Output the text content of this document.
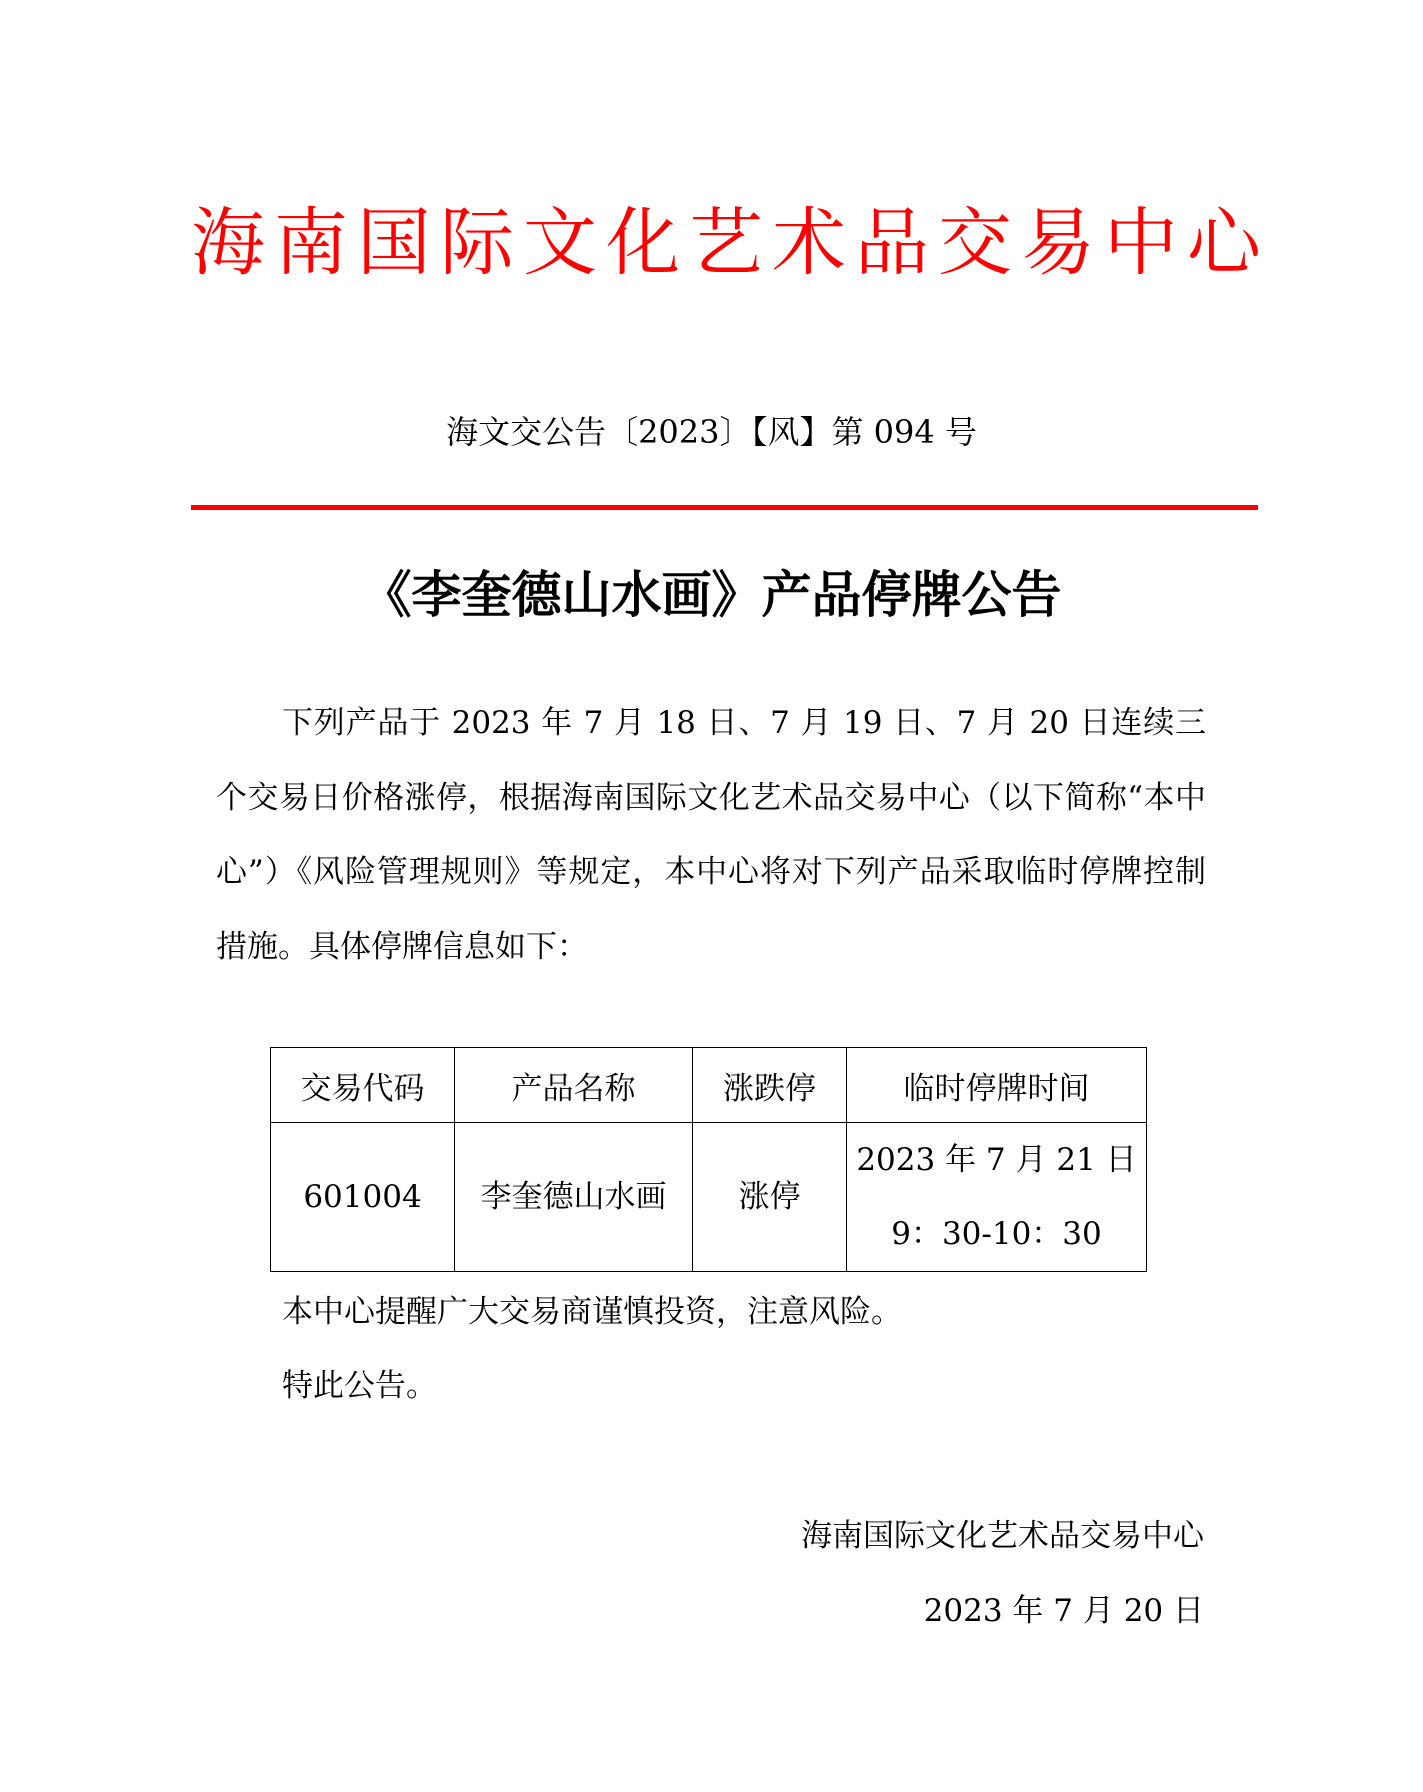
海南国际文化艺术品交易中心
海文交公告〔2023〕【风】第 094 号
《李奎德山水画》产品停牌公告

下列产品于 2023 年 7 月 18 日、7 月 19 日、7 月 20 日连续三个交易日价格涨停，根据海南国际文化艺术品交易中心（以下简称“本中心”）《风险管理规则》等规定，本中心将对下列产品采取临时停牌控制措施。具体停牌信息如下：

交易代码	产品名称	涨跌停	临时停牌时间
601004	李奎德山水画	涨停	2023 年 7 月 21 日
9：30-10：30
本中心提醒广大交易商谨慎投资，注意风险。
特此公告。
海南国际文化艺术品交易中心
2023 年 7 月 20 日
